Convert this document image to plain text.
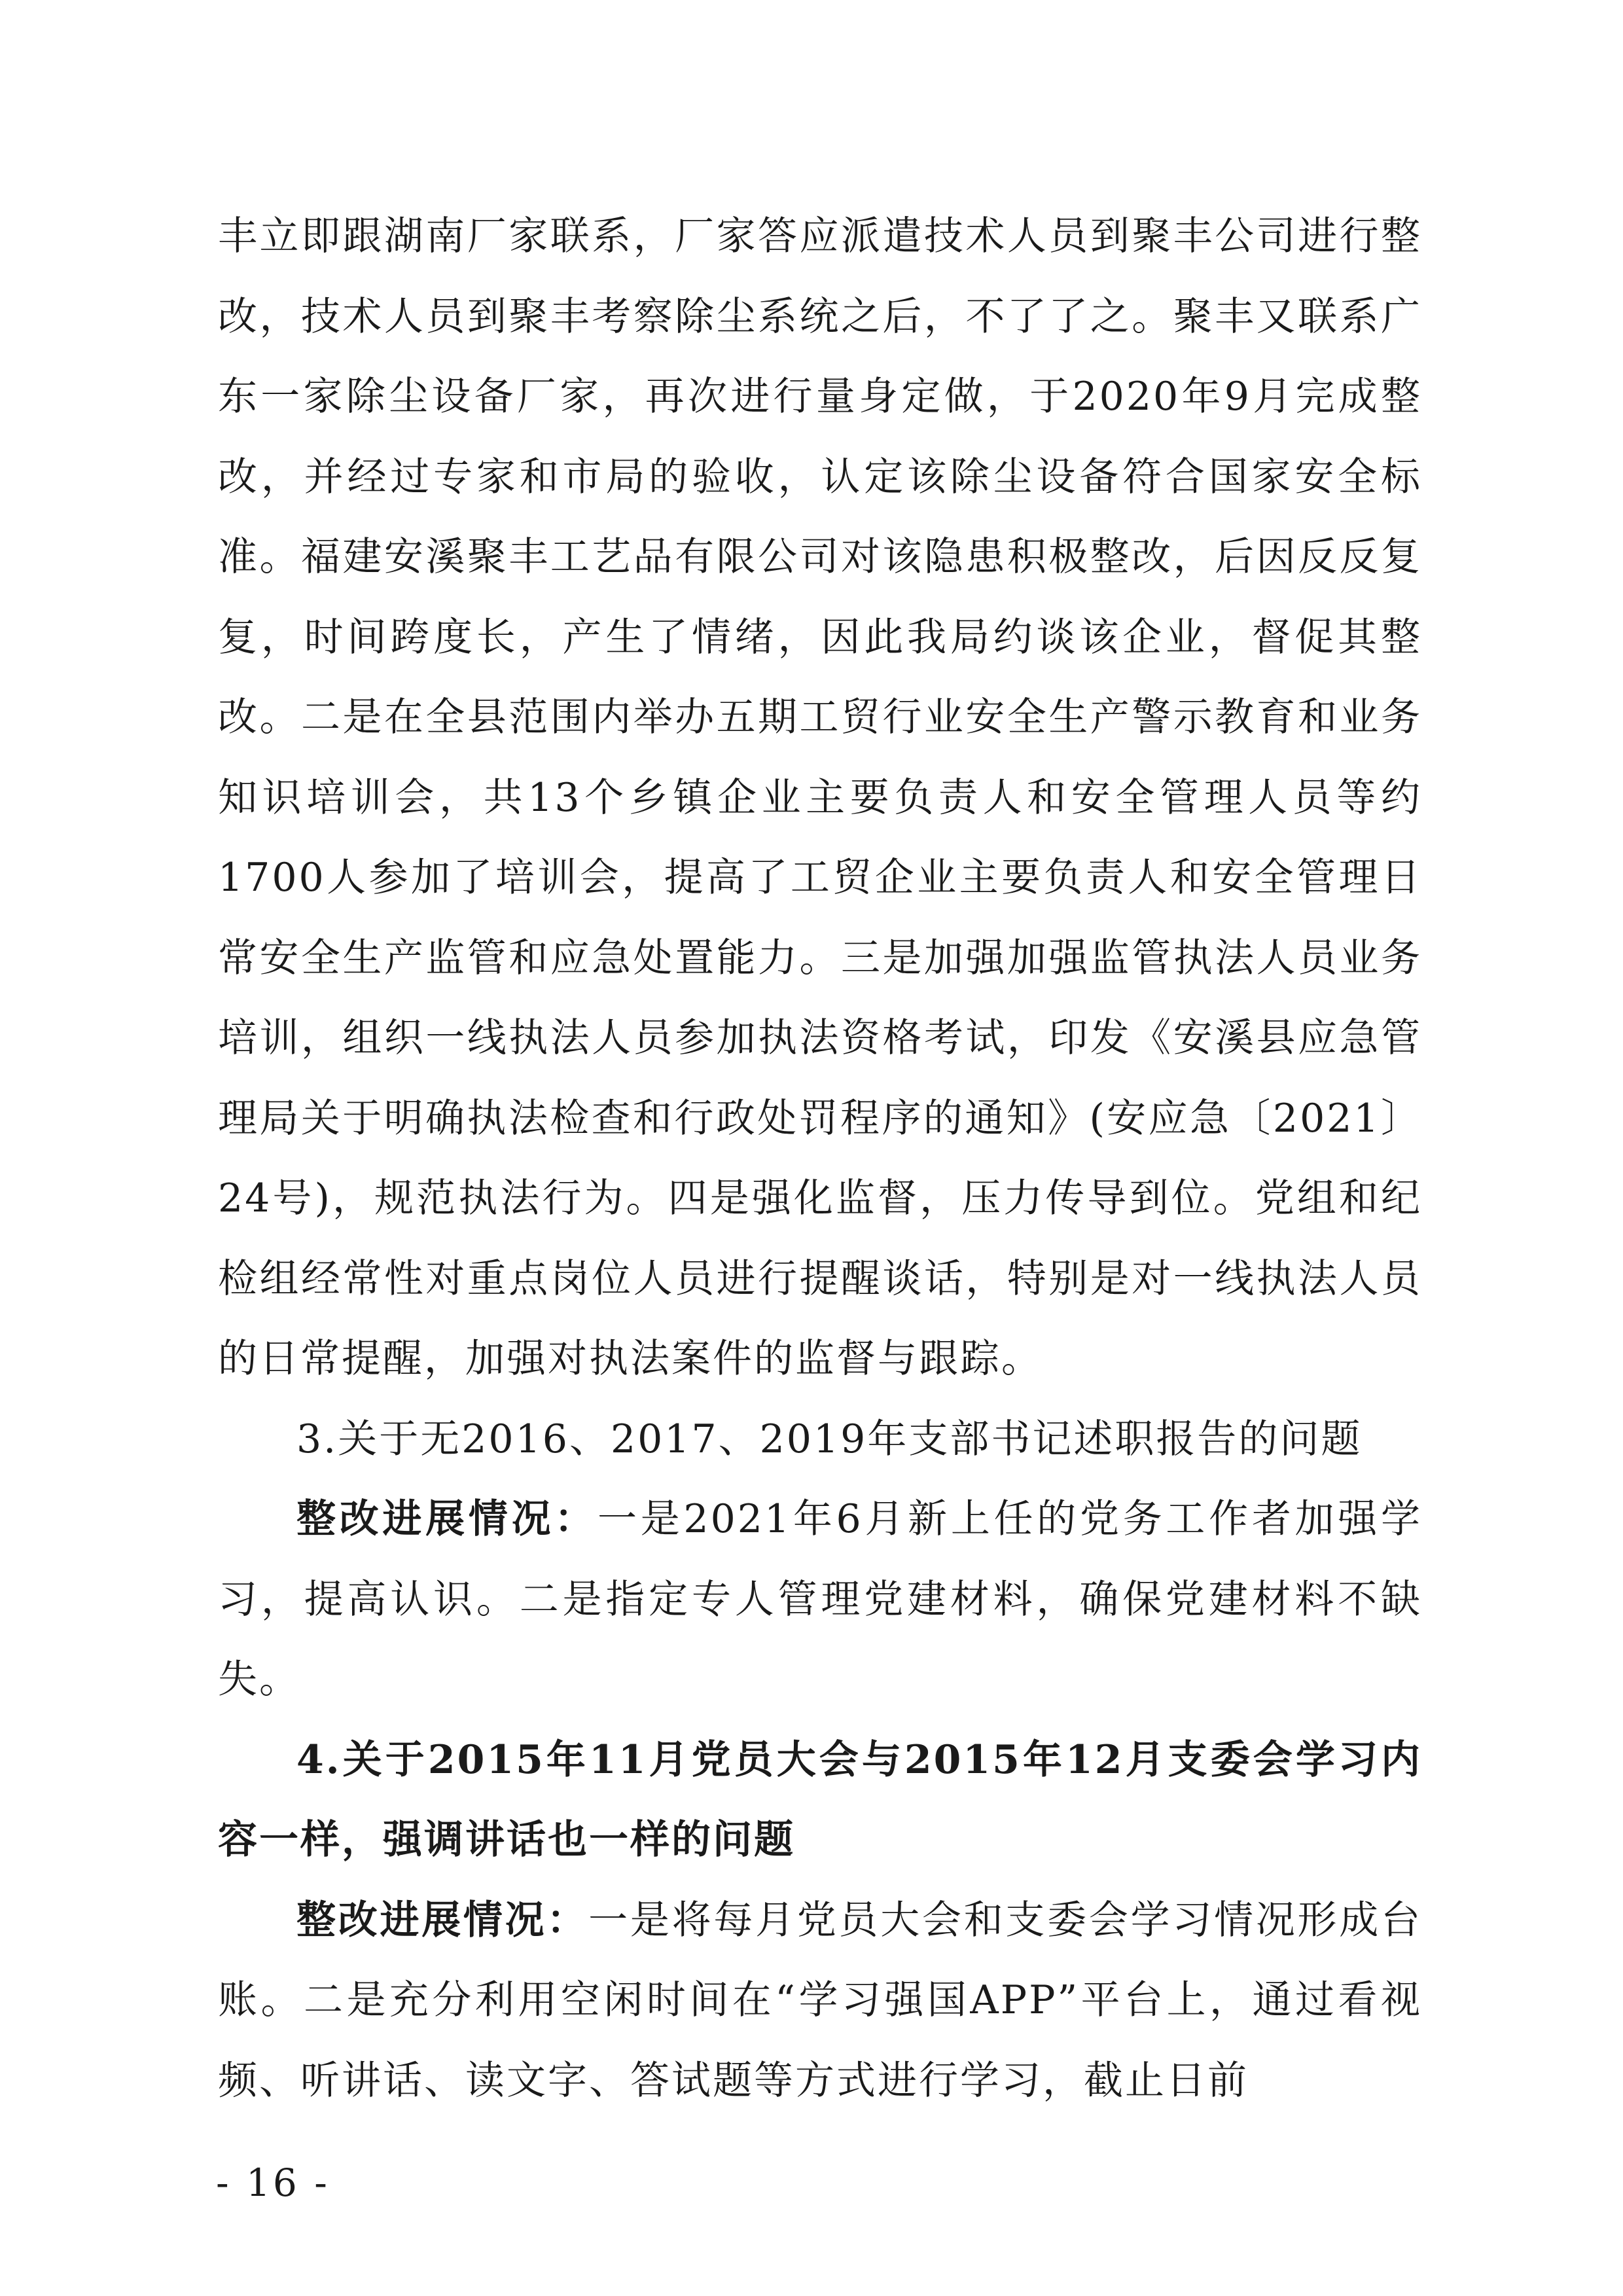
丰立即跟湖南厂家联系，厂家答应派遣技术人员到聚丰公司进行整改，技术人员到聚丰考察除尘系统之后，不了了之。聚丰又联系广东一家除尘设备厂家，再次进行量身定做，于2020年9月完成整改，并经过专家和市局的验收，认定该除尘设备符合国家安全标准。福建安溪聚丰工艺品有限公司对该隐患积极整改，后因反反复复，时间跨度长，产生了情绪，因此我局约谈该企业，督促其整改。二是在全县范围内举办五期工贸行业安全生产警示教育和业务知识培训会，共13个乡镇企业主要负责人和安全管理人员等约1700人参加了培训会，提高了工贸企业主要负责人和安全管理日常安全生产监管和应急处置能力。三是加强加强监管执法人员业务培训，组织一线执法人员参加执法资格考试，印发《安溪县应急管理局关于明确执法检查和行政处罚程序的通知》(安应急〔2021〕24号)，规范执法行为。四是强化监督，压力传导到位。党组和纪检组经常性对重点岗位人员进行提醒谈话，特别是对一线执法人员的日常提醒，加强对执法案件的监督与跟踪。

3.关于无2016、2017、2019年支部书记述职报告的问题

整改进展情况：一是2021年6月新上任的党务工作者加强学习，提高认识。二是指定专人管理党建材料，确保党建材料不缺失。

4.关于2015年11月党员大会与2015年12月支委会学习内容一样，强调讲话也一样的问题

整改进展情况：一是将每月党员大会和支委会学习情况形成台账。二是充分利用空闲时间在“学习强国APP”平台上，通过看视频、听讲话、读文字、答试题等方式进行学习，截止日前

- 16 -
